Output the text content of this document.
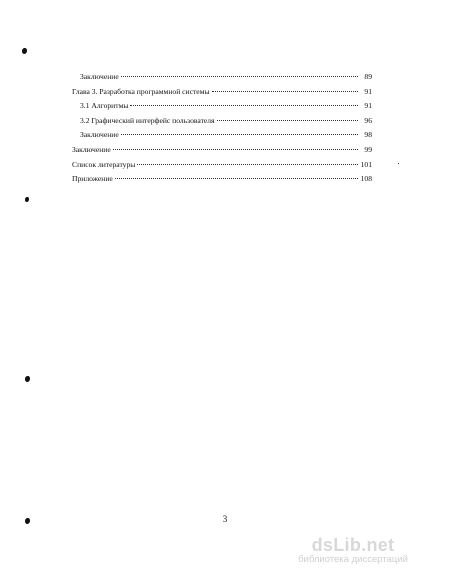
Заключение	89
Глава 3. Разработка программной системы	91
3.1 Алгоритмы	91
3.2 Графический интерфейс пользователя	96
Заключение	98
Заключение	99
Список литературы	101
Приложение	108
3
dsLib.net
библиотека диссертаций
